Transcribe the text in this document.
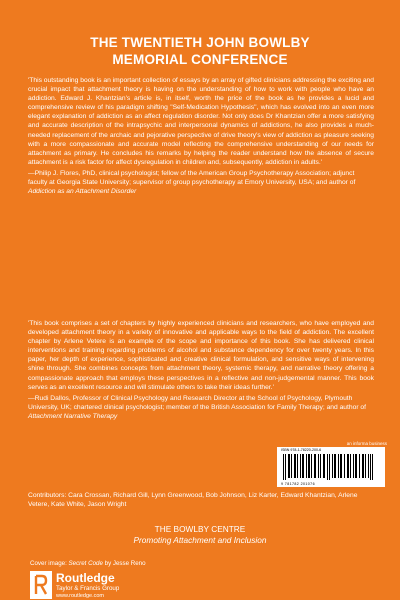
THE TWENTIETH JOHN BOWLBY
MEMORIAL CONFERENCE

'This outstanding book is an important collection of essays by an array of gifted clinicians addressing the exciting and crucial impact that attachment theory is having on the understanding of how to work with people who have an addiction. Edward J. Khantzian's article is, in itself, worth the price of the book as he provides a lucid and comprehensive review of his paradigm shifting "Self-Medication Hypothesis", which has evolved into an even more elegant explanation of addiction as an affect regulation disorder. Not only does Dr Khantzian offer a more satisfying and accurate description of the intrapsychic and interpersonal dynamics of addictions, he also provides a much-needed replacement of the archaic and pejorative perspective of drive theory's view of addiction as pleasure seeking with a more compassionate and accurate model reflecting the comprehensive understanding of our needs for attachment as primary. He concludes his remarks by helping the reader understand how the absence of secure attachment is a risk factor for affect dysregulation in children and, subsequently, addiction in adults.'

—Philip J. Flores, PhD, clinical psychologist; fellow of the American Group Psychotherapy Association; adjunct faculty at Georgia State University; supervisor of group psychotherapy at Emory University, USA; and author of Addiction as an Attachment Disorder

'This book comprises a set of chapters by highly experienced clinicians and researchers, who have employed and developed attachment theory in a variety of innovative and applicable ways to the field of addiction. The excellent chapter by Arlene Vetere is an example of the scope and importance of this book. She has delivered clinical interventions and training regarding problems of alcohol and substance dependency for over twenty years. In this paper, her depth of experience, sophisticated and creative clinical formulation, and sensitive ways of intervening shine through. She combines concepts from attachment theory, systemic therapy, and narrative theory offering a compassionate approach that employs these perspectives in a reflective and non-judgemental manner. This book serves as an excellent resource and will stimulate others to take their ideas further.'

—Rudi Dallos, Professor of Clinical Psychology and Research Director at the School of Psychology, Plymouth University, UK; chartered clinical psychologist; member of the British Association for Family Therapy; and author of Attachment Narrative Therapy

Contributors: Cara Crossan, Richard Gill, Lynn Greenwood, Bob Johnson, Liz Karter, Edward Khantzian, Arlene Vetere, Kate White, Jason Wright
THE BOWLBY CENTRE
Promoting Attachment and Inclusion
an informa business
ISBN 978-1-78220-200-6
9 781782 201076
Cover image: Secret Code by Jesse Reno
Routledge
Taylor & Francis Group
www.routledge.com
